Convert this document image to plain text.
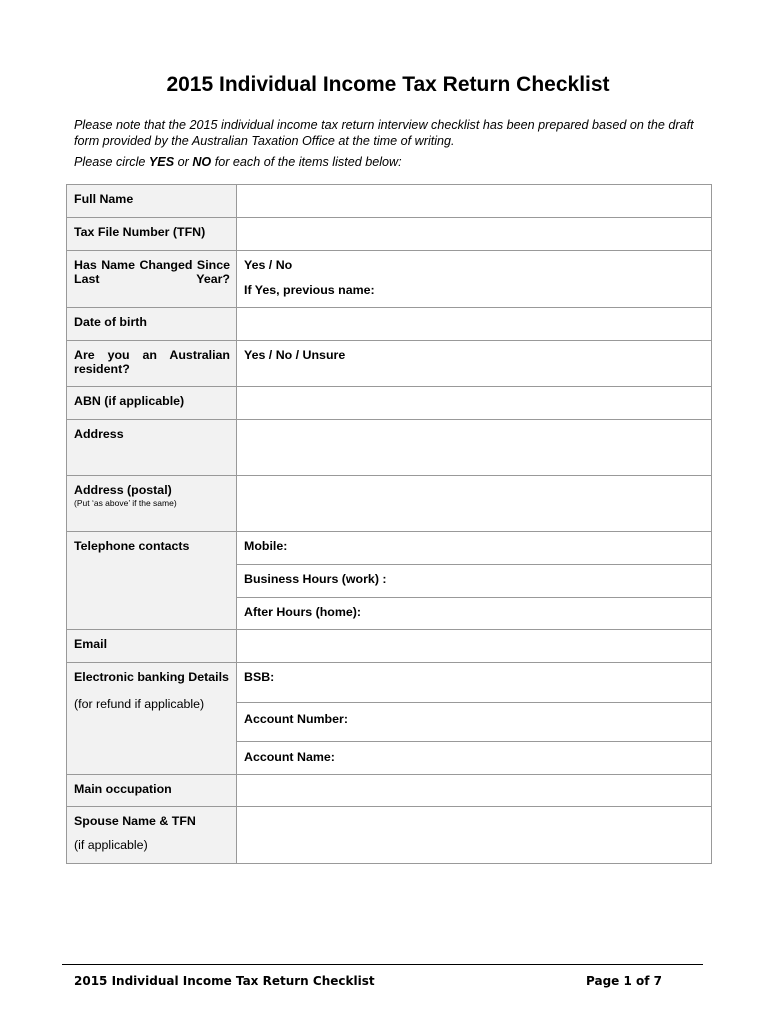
2015 Individual Income Tax Return Checklist
Please note that the 2015 individual income tax return interview checklist has been prepared based on the draft form provided by the Australian Taxation Office at the time of writing.
Please circle YES or NO for each of the items listed below:
Full Name	
Tax File Number (TFN)	

Has Name Changed Since Last Year?	Yes / No
If Yes, previous name:

Date of birth	

Are you an Australian resident?	Yes / No / Unsure
ABN (if applicable)	
Address	
Address (postal)
(Put ‘as above’ if the same)	

Telephone contacts	Mobile:
	Business Hours (work) :
	After Hours (home):
Email	
Electronic banking Details
(for refund if applicable)	BSB:
	Account Number:
	Account Name:
Main occupation	
Spouse Name & TFN
(if applicable)	

2015 Individual Income Tax Return Checklist	Page 1 of 7
